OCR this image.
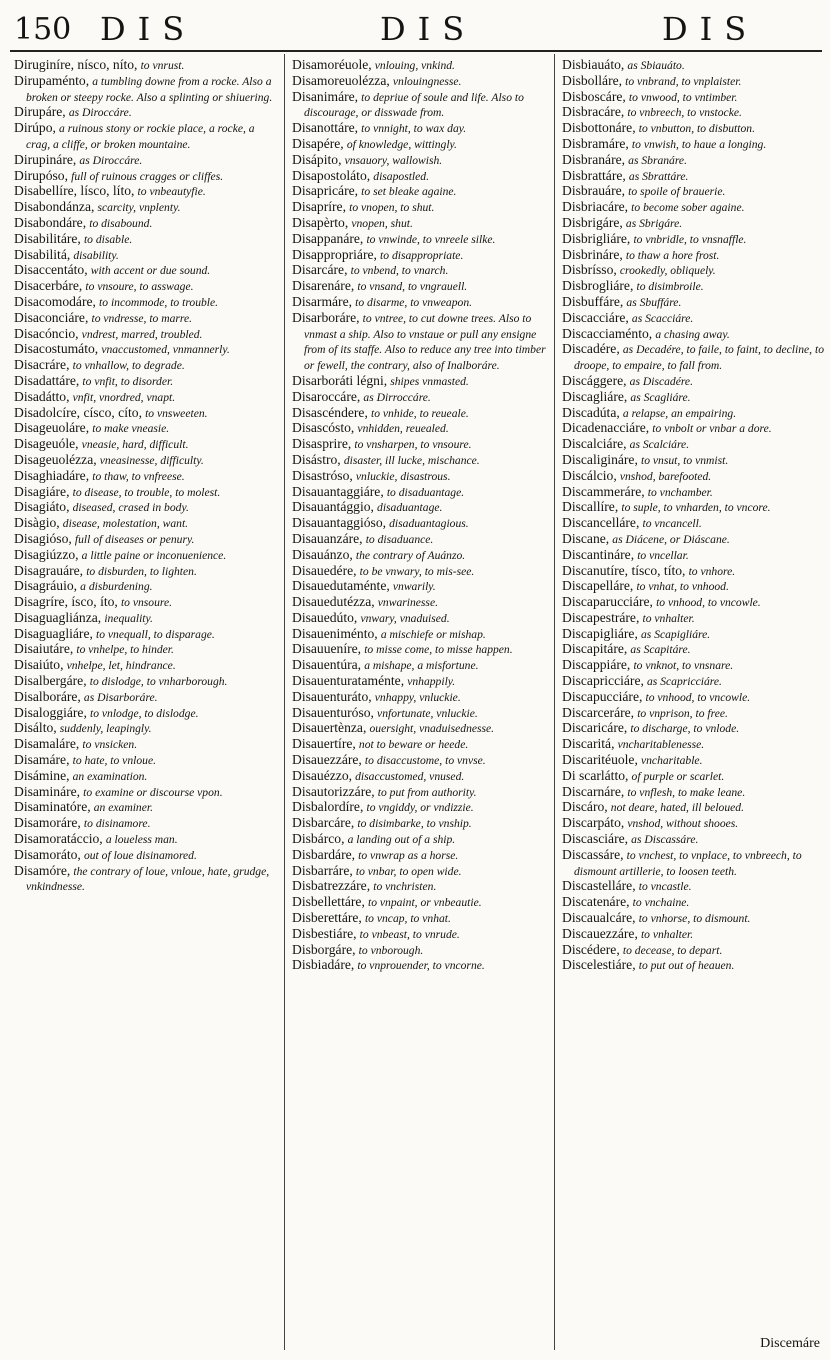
150 DIS	DIS	DIS

Diruginíre, nísco, níto, to vnrust.

Dirupaménto, a tumbling downe from a rocke. Also a broken or steepy rocke. Also a splinting or shiuering.

Dirupáre, as Diroccáre.

Dirúpo, a ruinous stony or rockie place, a rocke, a crag, a cliffe, or broken mountaine.

Dirupináre, as Diroccáre.

Dirupóso, full of ruinous cragges or cliffes.

Disabellíre, lísco, líto, to vnbeautyfie.

Disabondánza, scarcity, vnplenty.

Disabondáre, to disabound.

Disabilitáre, to disable.

Disabilitá, disability.

Disaccentáto, with accent or due sound.

Disacerbáre, to vnsoure, to asswage.

Disacomodáre, to incommode, to trouble.

Disaconciáre, to vndresse, to marre.

Disacóncio, vndrest, marred, troubled.

Disacostumáto, vnaccustomed, vnmannerly.

Disacráre, to vnhallow, to degrade.

Disadattáre, to vnfit, to disorder.

Disadátto, vnfit, vnordred, vnapt.

Disadolcíre, císco, cíto, to vnsweeten.

Disageuoláre, to make vneasie.

Disageuóle, vneasie, hard, difficult.

Disageuolézza, vneasinesse, difficulty.

Disaghiadáre, to thaw, to vnfreese.

Disagiáre, to disease, to trouble, to molest.

Disagiáto, diseased, crased in body.

Disàgio, disease, molestation, want.

Disagióso, full of diseases or penury.

Disagiúzzo, a little paine or inconuenience.

Disagrauáre, to disburden, to lighten.

Disagráuio, a disburdening.

Disagríre, ísco, íto, to vnsoure.

Disaguagliánza, inequality.

Disaguagliáre, to vnequall, to disparage.

Disaiutáre, to vnhelpe, to hinder.

Disaiúto, vnhelpe, let, hindrance.

Disalbergáre, to dislodge, to vnharborough.

Disalboráre, as Disarboráre.

Disaloggiáre, to vnlodge, to dislodge.

Disálto, suddenly, leapingly.

Disamaláre, to vnsicken.

Disamáre, to hate, to vnloue.

Disámine, an examination.

Disamináre, to examine or discourse vpon.

Disaminatóre, an examiner.

Disamoráre, to disinamore.

Disamoratáccio, a loueless man.

Disamoráto, out of loue disinamored.

Disamóre, the contrary of loue, vnloue, hate, grudge, vnkindnesse.

Disamoréuole, vnlouing, vnkind.

Disamoreuolézza, vnlouingnesse.

Disanimáre, to depriue of soule and life. Also to discourage, or disswade from.

Disanottáre, to vnnight, to wax day.

Disapére, of knowledge, wittingly.

Disápito, vnsauory, wallowish.

Disapostoláto, disapostled.

Disapricáre, to set bleake againe.

Disapríre, to vnopen, to shut.

Disapèrto, vnopen, shut.

Disappanáre, to vnwinde, to vnreele silke.

Disappropriáre, to disappropriate.

Disarcáre, to vnbend, to vnarch.

Disarenáre, to vnsand, to vngrauell.

Disarmáre, to disarme, to vnweapon.

Disarboráre, to vntree, to cut downe trees. Also to vnmast a ship. Also to vnstaue or pull any ensigne from of its staffe. Also to reduce any tree into timber or fewell, the contrary, also of Inalboráre.

Disarboráti légni, shipes vnmasted.

Disaroccáre, as Dirroccáre.

Disascéndere, to vnhide, to reueale.

Disascósto, vnhidden, reuealed.

Disasprire, to vnsharpen, to vnsoure.

Disástro, disaster, ill lucke, mischance.

Disastróso, vnluckie, disastrous.

Disauantaggiáre, to disaduantage.

Disauantággio, disaduantage.

Disauantaggióso, disaduantagious.

Disauanzáre, to disaduance.

Disauánzo, the contrary of Auánzo.

Disauedére, to be vnwary, to mis-see.

Disauedutaménte, vnwarily.

Disauedutézza, vnwarinesse.

Disauedúto, vnwary, vnaduised.

Disaueniménto, a mischiefe or mishap.

Disauueníre, to misse come, to misse happen.

Disauentúra, a mishape, a misfortune.

Disauenturataménte, vnhappily.

Disauenturáto, vnhappy, vnluckie.

Disauenturóso, vnfortunate, vnluckie.

Disauertènza, ouersight, vnaduisednesse.

Disauertíre, not to beware or heede.

Disauezzáre, to disaccustome, to vnvse.

Disauézzo, disaccustomed, vnused.

Disautorizzáre, to put from authority.

Disbalordíre, to vngiddy, or vndizzie.

Disbarcáre, to disimbarke, to vnship.

Disbárco, a landing out of a ship.

Disbardáre, to vnwrap as a horse.

Disbarráre, to vnbar, to open wide.

Disbatrezzáre, to vnchristen.

Disbellettáre, to vnpaint, or vnbeautie.

Disberettáre, to vncap, to vnhat.

Disbestiáre, to vnbeast, to vnrude.

Disborgáre, to vnborough.

Disbiadáre, to vnprouender, to vncorne.

Disbiauáto, as Sbiauáto.

Disbolláre, to vnbrand, to vnplaister.

Disboscáre, to vnwood, to vntimber.

Disbracáre, to vnbreech, to vnstocke.

Disbottonáre, to vnbutton, to disbutton.

Disbramáre, to vnwish, to haue a longing.

Disbranáre, as Sbranáre.

Disbrattáre, as Sbrattáre.

Disbrauáre, to spoile of brauerie.

Disbriacáre, to become sober againe.

Disbrigáre, as Sbrigáre.

Disbrigliáre, to vnbridle, to vnsnaffle.

Disbrináre, to thaw a hore frost.

Disbrísso, crookedly, obliquely.

Disbrogliáre, to disimbroile.

Disbuffáre, as Sbuffáre.

Discacciáre, as Scacciáre.

Discacciaménto, a chasing away.

Discadére, as Decadére, to faile, to faint, to decline, to droope, to empaire, to fall from.

Discággere, as Discadére.

Discagliáre, as Scagliáre.

Discadúta, a relapse, an empairing.

Dicadenacciáre, to vnbolt or vnbar a dore.

Discalciáre, as Scalciáre.

Discaligináre, to vnsut, to vnmist.

Discálcio, vnshod, barefooted.

Discammeráre, to vnchamber.

Discallíre, to suple, to vnharden, to vncore.

Discancelláre, to vncancell.

Discane, as Diácene, or Diáscane.

Discantináre, to vncellar.

Discanutíre, tísco, títo, to vnhore.

Discapelláre, to vnhat, to vnhood.

Discaparucciáre, to vnhood, to vncowle.

Discapestráre, to vnhalter.

Discapigliáre, as Scapigliáre.

Discapitáre, as Scapitáre.

Discappiáre, to vnknot, to vnsnare.

Discapricciáre, as Scapricciáre.

Discapucciáre, to vnhood, to vncowle.

Discarceráre, to vnprison, to free.

Discaricáre, to discharge, to vnlode.

Discaritá, vncharitablenesse.

Discaritéuole, vncharitable.

Di scarlátto, of purple or scarlet.

Discarnáre, to vnflesh, to make leane.

Discáro, not deare, hated, ill beloued.

Discarpáto, vnshod, without shooes.

Discasciáre, as Discassáre.

Discassáre, to vnchest, to vnplace, to vnbreech, to dismount artillerie, to loosen teeth.

Discastelláre, to vncastle.

Discatenáre, to vnchaine.

Discaualcáre, to vnhorse, to dismount.

Discauezzáre, to vnhalter.

Discédere, to decease, to depart.

Discelestiáre, to put out of heauen.

Discemáre
